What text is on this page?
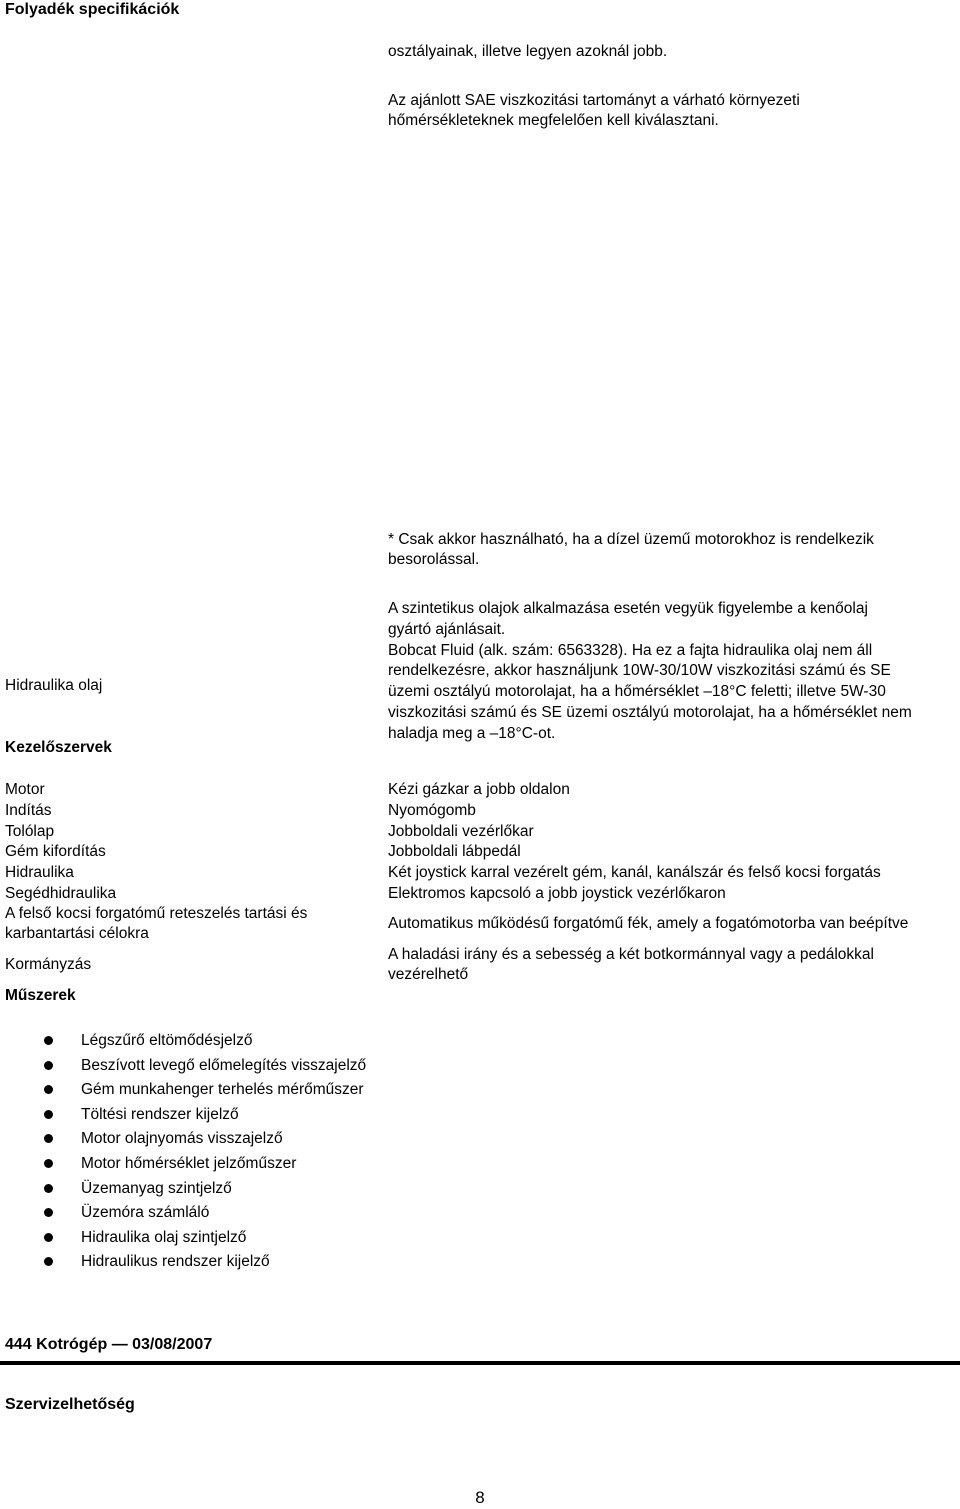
Folyadék specifikációk

osztályainak, illetve legyen azoknál jobb.

Az ajánlott SAE viszkozitási tartományt a várható környezeti
hőmérsékleteknek megfelelően kell kiválasztani.
* Csak akkor használható, ha a dízel üzemű motorokhoz is rendelkezik
besorolással.

Hidraulika olaj

A szintetikus olajok alkalmazása esetén vegyük figyelembe a kenőolaj
gyártó ajánlásait.
Bobcat Fluid (alk. szám: 6563328). Ha ez a fajta hidraulika olaj nem áll
rendelkezésre, akkor használjunk 10W-30/10W viszkozitási számú és SE
üzemi osztályú motorolajat, ha a hőmérséklet –18°C feletti; illetve 5W-30
viszkozitási számú és SE üzemi osztályú motorolajat, ha a hőmérséklet nem
haladja meg a –18°C-ot.
Kezelőszervek

Motor

Indítás

Tolólap

Gém kifordítás

Hidraulika

Segédhidraulika

A felső kocsi forgatómű reteszelés tartási és
karbantartási célokra

Kormányzás

Műszerek

Kézi gázkar a jobb oldalon

Nyomógomb

Jobboldali vezérlőkar

Jobboldali lábpedál

Két joystick karral vezérelt gém, kanál, kanálszár és felső kocsi forgatás

Elektromos kapcsoló a jobb joystick vezérlőkaron

Automatikus működésű forgatómű fék, amely a fogatómotorba van beépítve

A haladási irány és a sebesség a két botkormánnyal vagy a pedálokkal
vezérelhető
Légszűrő eltömődésjelző
Beszívott levegő előmelegítés visszajelző
Gém munkahenger terhelés mérőműszer
Töltési rendszer kijelző
Motor olajnyomás visszajelző
Motor hőmérséklet jelzőműszer
Üzemanyag szintjelző
Üzemóra számláló
Hidraulika olaj szintjelző
Hidraulikus rendszer kijelző

444 Kotrógép — 03/08/2007

Szervizelhetőség

8
